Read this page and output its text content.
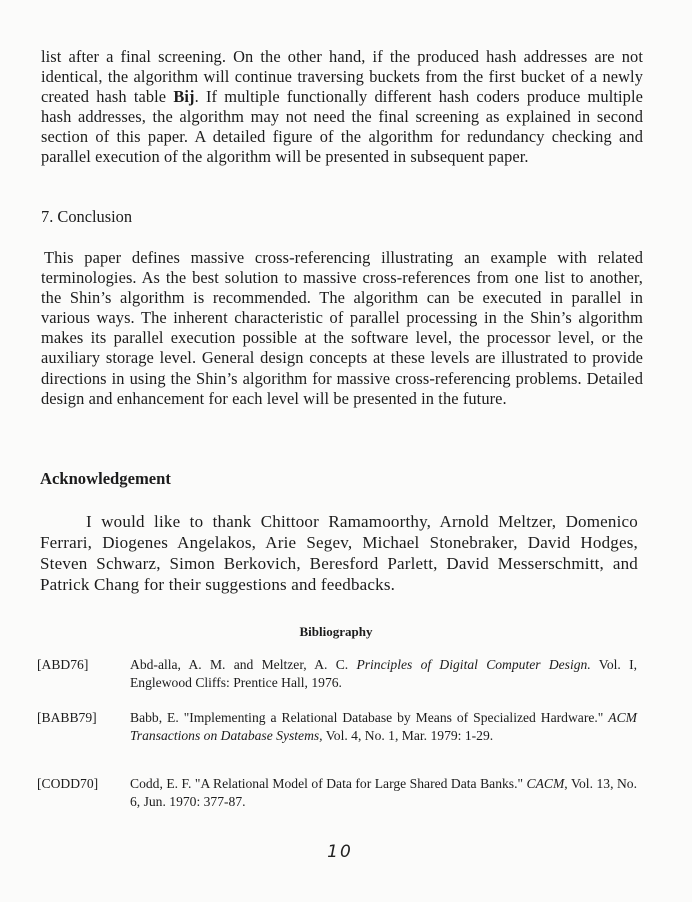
list after a final screening. On the other hand, if the produced hash addresses are not identical, the algorithm will continue traversing buckets from the first bucket of a newly created hash table Bij. If multiple functionally different hash coders produce multiple hash addresses, the algorithm may not need the final screening as explained in second section of this paper. A detailed figure of the algorithm for redundancy checking and parallel execution of the algorithm will be presented in subsequent paper.

7. Conclusion

This paper defines massive cross-referencing illustrating an example with related terminologies. As the best solution to massive cross-references from one list to another, the Shin’s algorithm is recommended. The algorithm can be executed in parallel in various ways. The inherent characteristic of parallel processing in the Shin’s algorithm makes its parallel execution possible at the software level, the processor level, or the auxiliary storage level. General design concepts at these levels are illustrated to provide directions in using the Shin’s algorithm for massive cross-referencing problems. Detailed design and enhancement for each level will be presented in the future.

Acknowledgement

I would like to thank Chittoor Ramamoorthy, Arnold Meltzer, Domenico Ferrari, Diogenes Angelakos, Arie Segev, Michael Stonebraker, David Hodges, Steven Schwarz, Simon Berkovich, Beresford Parlett, David Messerschmitt, and Patrick Chang for their suggestions and feedbacks.

Bibliography
[ABD76]	Abd-alla, A. M. and Meltzer, A. C. Principles of Digital Computer Design. Vol. I, Englewood Cliffs: Prentice Hall, 1976.

[BABB79] Babb, E. "Implementing a Relational Database by Means of Specialized Hardware." ACM Transactions on Database Systems, Vol. 4, No. 1, Mar. 1979: 1-29.

[CODD70] Codd, E. F. "A Relational Model of Data for Large Shared Data Banks." CACM, Vol. 13, No. 6, Jun. 1970: 377-87.

10
